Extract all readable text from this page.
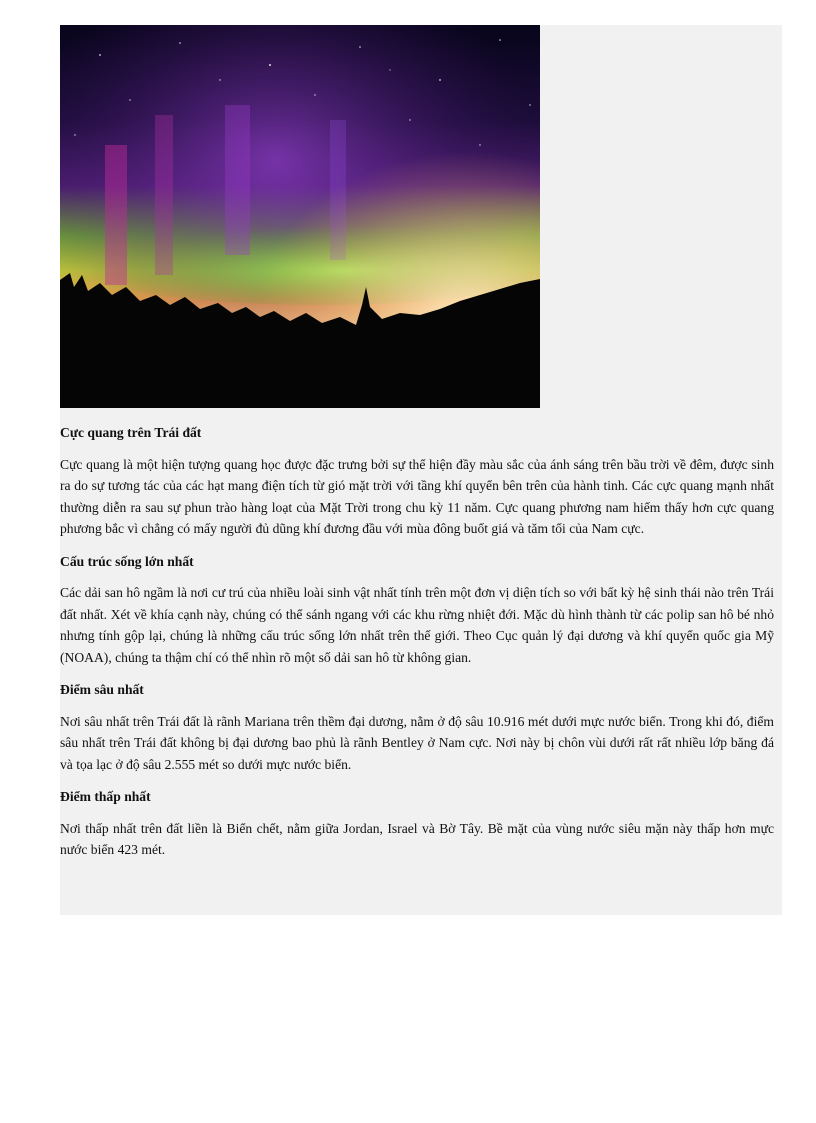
Cực quang trên Trái đất

Cực quang là một hiện tượng quang học được đặc trưng bởi sự thể hiện đầy màu sắc của ánh sáng trên bầu trời về đêm, được sinh ra do sự tương tác của các hạt mang điện tích từ gió mặt trời với tầng khí quyển bên trên của hành tinh. Các cực quang mạnh nhất thường diễn ra sau sự phun trào hàng loạt của Mặt Trời trong chu kỳ 11 năm. Cực quang phương nam hiếm thấy hơn cực quang phương bắc vì chẳng có mấy người đủ dũng khí đương đầu với mùa đông buốt giá và tăm tối của Nam cực.

Cấu trúc sống lớn nhất

Các dải san hô ngầm là nơi cư trú của nhiều loài sinh vật nhất tính trên một đơn vị diện tích so với bất kỳ hệ sinh thái nào trên Trái đất nhất. Xét về khía cạnh này, chúng có thể sánh ngang với các khu rừng nhiệt đới. Mặc dù hình thành từ các polip san hô bé nhỏ nhưng tính gộp lại, chúng là những cấu trúc sống lớn nhất trên thế giới. Theo Cục quản lý đại dương và khí quyển quốc gia Mỹ (NOAA), chúng ta thậm chí có thể nhìn rõ một số dải san hô từ không gian.

Điểm sâu nhất

Nơi sâu nhất trên Trái đất là rãnh Mariana trên thềm đại dương, nằm ở độ sâu 10.916 mét dưới mực nước biển. Trong khi đó, điểm sâu nhất trên Trái đất không bị đại dương bao phủ là rãnh Bentley ở Nam cực. Nơi này bị chôn vùi dưới rất rất nhiều lớp băng đá và tọa lạc ở độ sâu 2.555 mét so dưới mực nước biển.

Điểm thấp nhất

Nơi thấp nhất trên đất liền là Biển chết, nằm giữa Jordan, Israel và Bờ Tây. Bề mặt của vùng nước siêu mặn này thấp hơn mực nước biển 423 mét.
